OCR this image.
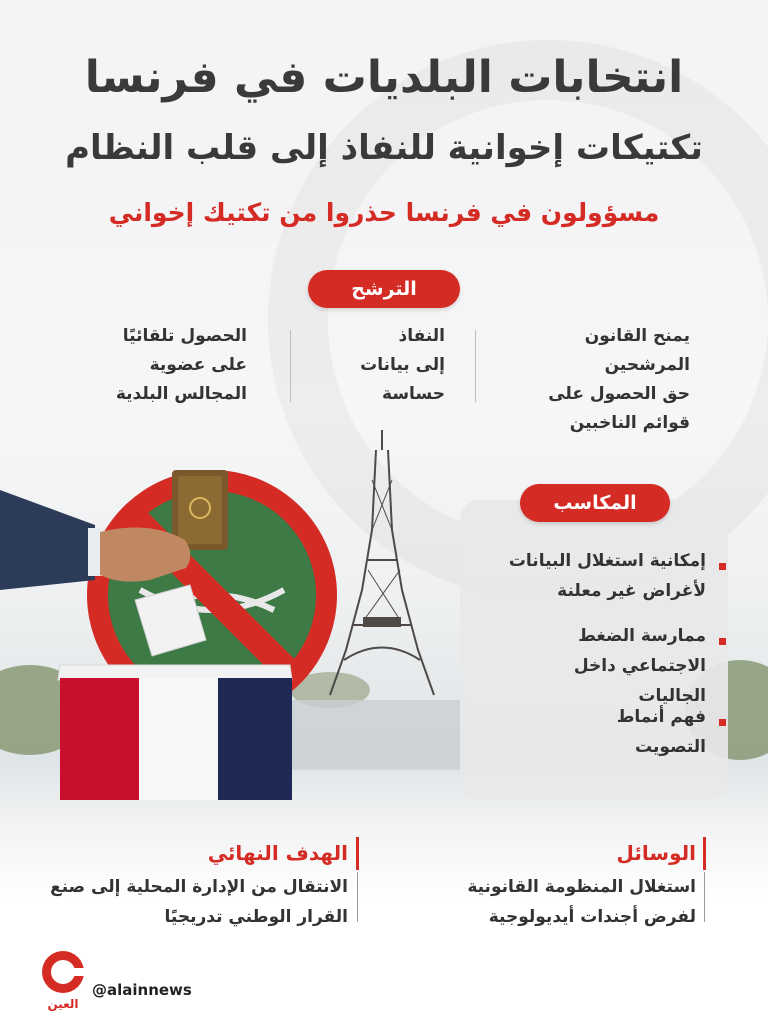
انتخابات البلديات في فرنسا
تكتيكات إخوانية للنفاذ إلى قلب النظام
مسؤولون في فرنسا حذروا من تكتيك إخواني
الترشح
يمنح القانون المرشحين
حق الحصول على
قوائم الناخبين
النفاذ
إلى بيانات
حساسة
الحصول تلقائيًا
على عضوية
المجالس البلدية
المكاسب
إمكانية استغلال البيانات
لأغراض غير معلنة
ممارسة الضغط
الاجتماعي داخل الجاليات
فهم أنماط
التصويت
الوسائل
استغلال المنظومة القانونية
لفرض أجندات أيديولوجية
الهدف النهائي
الانتقال من الإدارة المحلية إلى صنع
القرار الوطني تدريجيًا
العين
@alainnews
